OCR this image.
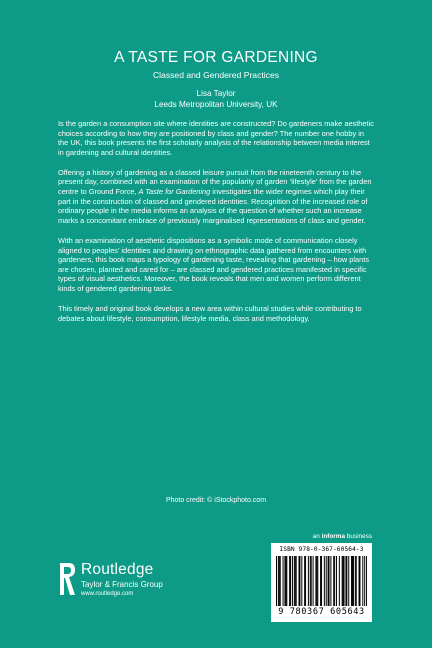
A TASTE FOR GARDENING
Classed and Gendered Practices
Lisa Taylor
Leeds Metropolitan University, UK

Is the garden a consumption site where identities are constructed? Do gardeners make aesthetic choices according to how they are positioned by class and gender? The number one hobby in the UK, this book presents the first scholarly analysis of the relationship between media interest in gardening and cultural identities.

Offering a history of gardening as a classed leisure pursuit from the nineteenth century to the present day, combined with an examination of the popularity of garden ‘lifestyle’ from the garden centre to Ground Force, A Taste for Gardening investigates the wider regimes which play their part in the construction of classed and gendered identities. Recognition of the increased role of ordinary people in the media informs an analysis of the question of whether such an increase marks a concomitant embrace of previously marginalised representations of class and gender.

With an examination of aesthetic dispositions as a symbolic mode of communication closely aligned to peoples’ identities and drawing on ethnographic data gathered from encounters with gardeners, this book maps a typology of gardening taste, revealing that gardening – how plants are chosen, planted and cared for – are classed and gendered practices manifested in specific types of visual aesthetics. Moreover, the book reveals that men and women perform different kinds of gendered gardening tasks.

This timely and original book develops a new area within cultural studies while contributing to debates about lifestyle, consumption, lifestyle media, class and methodology.

Photo credit: © iStockphoto.com
an informa business
Routledge
Taylor & Francis Group
www.routledge.com
ISBN 978-0-367-60564-3
9 780367 605643
